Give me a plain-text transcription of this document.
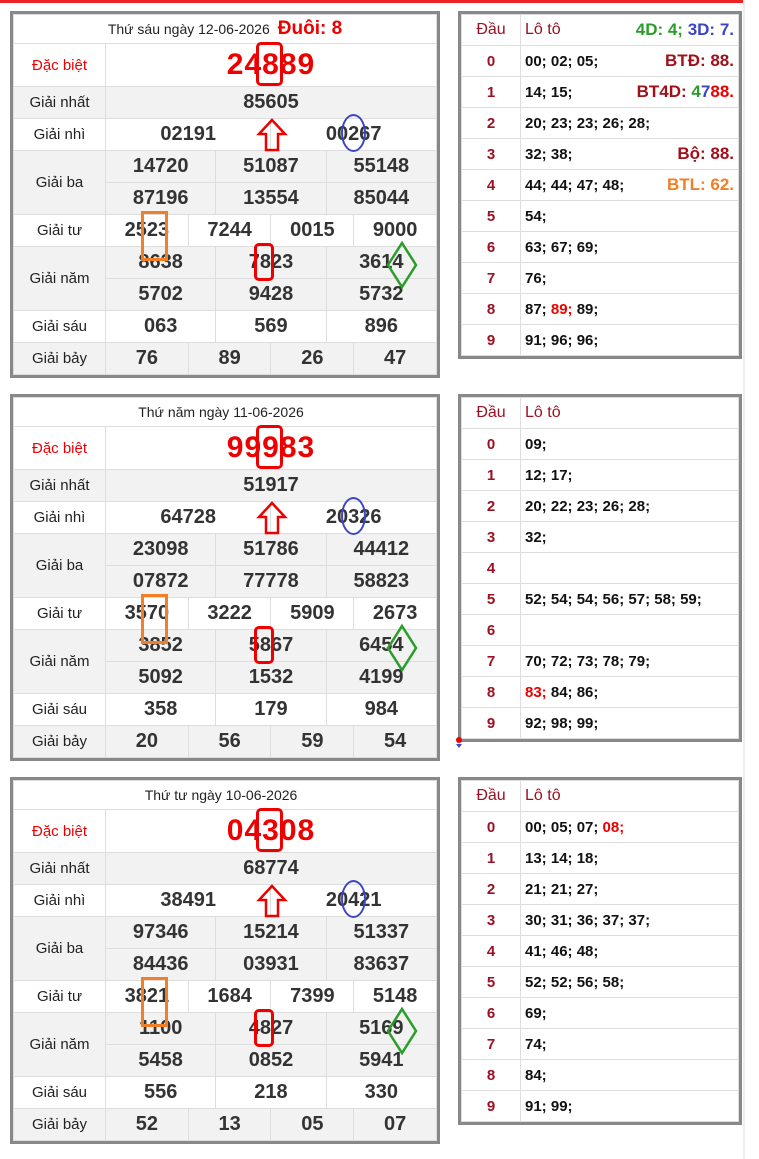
Thứ sáu ngày 12-06-2026 Đuôi: 8						
Đặc biệt	24889					
Giải nhất	85605					
Giải nhì	02191			00267		
Giải ba	14720		51087		55148	
	87196		13554		85044	
Giải tư	2523	7244		0015		9000
Giải năm	8638		7823		3614	
	5702		9428		5732	
Giải sáu	063		569		896	
Giải bảy	76	89		26		47
Thứ năm ngày 11-06-2026						
Đặc biệt	99983					
Giải nhất	51917					
Giải nhì	64728			20326		
Giải ba	23098		51786		44412	
	07872		77778		58823	
Giải tư	3570	3222		5909		2673
Giải năm	3852		5867		6454	
	5092		1532		4199	
Giải sáu	358		179		984	
Giải bảy	20	56		59		54
Thứ tư ngày 10-06-2026						
Đặc biệt	04308					
Giải nhất	68774					
Giải nhì	38491			20421		
Giải ba	97346		15214		51337	
	84436		03931		83637	
Giải tư	3821	1684		7399		5148
Giải năm	1100		4827		5169	
	5458		0852		5941	
Giải sáu	556		218		330	
Giải bảy	52	13		05		07
Đầu	Lô tô 4D: 4; 3D: 7.

0	00; 02; 05; BTĐ: 88.

1	14; 15; BT4D: 4788.

2	20; 23; 23; 26; 28;
3	32; 38; Bộ: 88.

4	44; 44; 47; 48; BTL: 62.

5	54;
6	63; 67; 69;
7	76;
8	87; 89; 89;
9	91; 96; 96;
Đầu	Lô tô
0	09;
1	12; 17;
2	20; 22; 23; 26; 28;
3	32;
4	
5	52; 54; 54; 56; 57; 58; 59;
6	
7	70; 72; 73; 78; 79;
8	83; 84; 86;
9	92; 98; 99;
Đầu	Lô tô
0	00; 05; 07; 08;
1	13; 14; 18;
2	21; 21; 27;
3	30; 31; 36; 37; 37;
4	41; 46; 48;
5	52; 52; 56; 58;
6	69;
7	74;
8	84;
9	91; 99;
